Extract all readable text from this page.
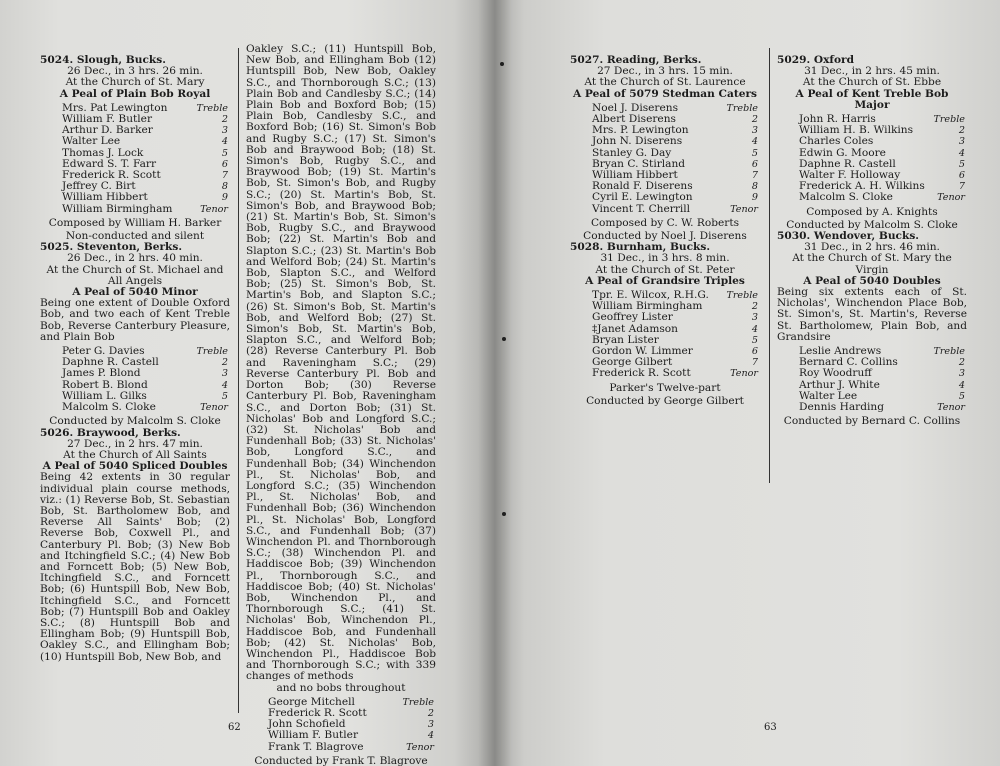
5024. Slough, Bucks.
26 Dec., in 3 hrs. 26 min.
At the Church of St. Mary
A Peal of Plain Bob Royal
Mrs. Pat Lewington	Treble
William F. Butler	2
Arthur D. Barker	3
Walter Lee	4
Thomas J. Lock	5
Edward S. T. Farr	6
Frederick R. Scott	7
Jeffrey C. Birt	8
William Hibbert	9
William Birmingham	Tenor
Composed by William H. Barker
Non-conducted and silent
5025. Steventon, Berks.
26 Dec., in 2 hrs. 40 min.
At the Church of St. Michael and All Angels
A Peal of 5040 Minor
Being one extent of Double Oxford Bob, and two each of Kent Treble Bob, Reverse Canterbury Pleasure, and Plain Bob
Peter G. Davies	Treble
Daphne R. Castell	2
James P. Blond	3
Robert B. Blond	4
William L. Gilks	5
Malcolm S. Cloke	Tenor
Conducted by Malcolm S. Cloke
5026. Braywood, Berks.
27 Dec., in 2 hrs. 47 min.
At the Church of All Saints
A Peal of 5040 Spliced Doubles
Being 42 extents in 30 regular individual plain course methods, viz.: (1) Reverse Bob, St. Sebastian Bob, St. Bartholomew Bob, and Reverse All Saints' Bob; (2) Reverse Bob, Coxwell Pl., and Canterbury Pl. Bob; (3) New Bob and Itchingfield S.C.; (4) New Bob and Forncett Bob; (5) New Bob, Itchingfield S.C., and Forncett Bob; (6) Huntspill Bob, New Bob, Itchingfield S.C., and Forncett Bob; (7) Huntspill Bob and Oakley S.C.; (8) Huntspill Bob and Ellingham Bob; (9) Huntspill Bob, Oakley S.C., and Ellingham Bob; (10) Huntspill Bob, New Bob, and
Oakley S.C.; (11) Huntspill Bob, New Bob, and Ellingham Bob (12) Huntspill Bob, New Bob, Oakley S.C., and Thornborough S.C.; (13) Plain Bob and Candlesby S.C.; (14) Plain Bob and Boxford Bob; (15) Plain Bob, Candlesby S.C., and Boxford Bob; (16) St. Simon's Bob and Rugby S.C.; (17) St. Simon's Bob and Braywood Bob; (18) St. Simon's Bob, Rugby S.C., and Braywood Bob; (19) St. Martin's Bob, St. Simon's Bob, and Rugby S.C.; (20) St. Martin's Bob, St. Simon's Bob, and Braywood Bob; (21) St. Martin's Bob, St. Simon's Bob, Rugby S.C., and Braywood Bob; (22) St. Martin's Bob and Slapton S.C.; (23) St. Martin's Bob and Welford Bob; (24) St. Martin's Bob, Slapton S.C., and Welford Bob; (25) St. Simon's Bob, St. Martin's Bob, and Slapton S.C.; (26) St. Simon's Bob, St. Martin's Bob, and Welford Bob; (27) St. Simon's Bob, St. Martin's Bob, Slapton S.C., and Welford Bob; (28) Reverse Canterbury Pl. Bob and Raveningham S.C.; (29) Reverse Canterbury Pl. Bob and Dorton Bob; (30) Reverse Canterbury Pl. Bob, Raveningham S.C., and Dorton Bob; (31) St. Nicholas' Bob and Longford S.C.; (32) St. Nicholas' Bob and Fundenhall Bob; (33) St. Nicholas' Bob, Longford S.C., and Fundenhall Bob; (34) Winchendon Pl., St. Nicholas' Bob, and Longford S.C.; (35) Winchendon Pl., St. Nicholas' Bob, and Fundenhall Bob; (36) Winchendon Pl., St. Nicholas' Bob, Longford S.C., and Fundenhall Bob; (37) Winchendon Pl. and Thornborough S.C.; (38) Winchendon Pl. and Haddiscoe Bob; (39) Winchendon Pl., Thornborough S.C., and Haddiscoe Bob; (40) St. Nicholas' Bob, Winchendon Pl., and Thornborough S.C.; (41) St. Nicholas' Bob, Winchendon Pl., Haddiscoe Bob, and Fundenhall Bob; (42) St. Nicholas' Bob, Winchendon Pl., Haddiscoe Bob and Thornborough S.C.; with 339 changes of methods
and no bobs throughout
George Mitchell	Treble
Frederick R. Scott	2
John Schofield	3
William F. Butler	4
Frank T. Blagrove	Tenor
Conducted by Frank T. Blagrove
62
5027. Reading, Berks.
27 Dec., in 3 hrs. 15 min.
At the Church of St. Laurence
A Peal of 5079 Stedman Caters
Noel J. Diserens	Treble
Albert Diserens	2
Mrs. P. Lewington	3
John N. Diserens	4
Stanley G. Day	5
Bryan C. Stirland	6
William Hibbert	7
Ronald F. Diserens	8
Cyril E. Lewington	9
Vincent T. Cherrill	Tenor
Composed by C. W. Roberts
Conducted by Noel J. Diserens
5028. Burnham, Bucks.
31 Dec., in 3 hrs. 8 min.
At the Church of St. Peter
A Peal of Grandsire Triples
Tpr. E. Wilcox, R.H.G. Treble
William Birmingham	2
Geoffrey Lister	3
‡Janet Adamson	4
Bryan Lister	5
Gordon W. Limmer	6
George Gilbert	7
Frederick R. Scott	Tenor
Parker's Twelve-part
Conducted by George Gilbert
5029. Oxford
31 Dec., in 2 hrs. 45 min.
At the Church of St. Ebbe
A Peal of Kent Treble Bob Major
John R. Harris	Treble
William H. B. Wilkins	2
Charles Coles	3
Edwin G. Moore	4
Daphne R. Castell	5
Walter F. Holloway	6
Frederick A. H. Wilkins	7
Malcolm S. Cloke	Tenor
Composed by A. Knights
Conducted by Malcolm S. Cloke
5030. Wendover, Bucks.
31 Dec., in 2 hrs. 46 min.
At the Church of St. Mary the Virgin
A Peal of 5040 Doubles
Being six extents each of St. Nicholas', Winchendon Place Bob, St. Simon's, St. Martin's, Reverse St. Bartholomew, Plain Bob, and Grandsire
Leslie Andrews	Treble
Bernard C. Collins	2
Roy Woodruff	3
Arthur J. White	4
Walter Lee	5
Dennis Harding	Tenor
Conducted by Bernard C. Collins
63
